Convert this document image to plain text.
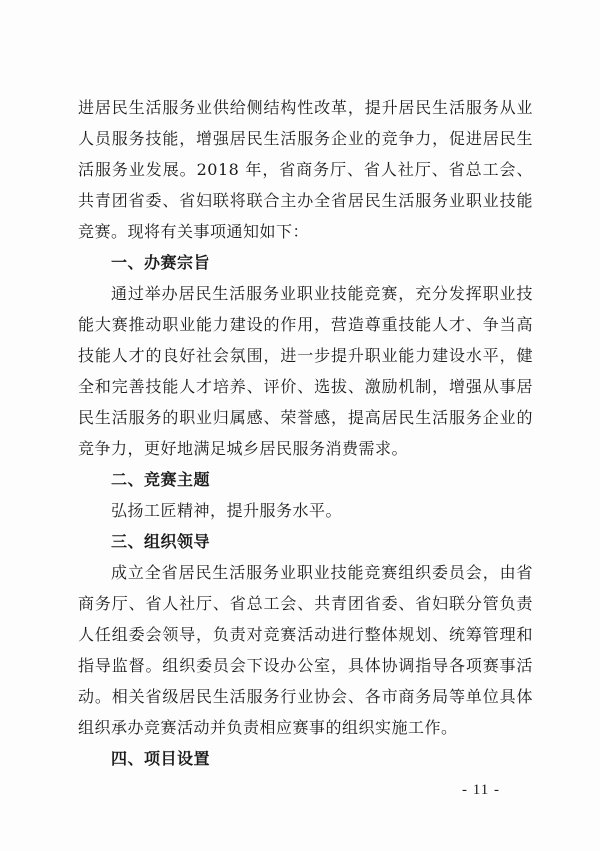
进居民生活服务业供给侧结构性改革，提升居民生活服务从业人员服务技能，增强居民生活服务企业的竞争力，促进居民生活服务业发展。2018 年，省商务厅、省人社厅、省总工会、共青团省委、省妇联将联合主办全省居民生活服务业职业技能竞赛。现将有关事项通知如下：

一、办赛宗旨

通过举办居民生活服务业职业技能竞赛，充分发挥职业技能大赛推动职业能力建设的作用，营造尊重技能人才、争当高技能人才的良好社会氛围，进一步提升职业能力建设水平，健全和完善技能人才培养、评价、选拔、激励机制，增强从事居民生活服务的职业归属感、荣誉感，提高居民生活服务企业的竞争力，更好地满足城乡居民服务消费需求。

二、竞赛主题

弘扬工匠精神，提升服务水平。

三、组织领导

成立全省居民生活服务业职业技能竞赛组织委员会，由省商务厅、省人社厅、省总工会、共青团省委、省妇联分管负责人任组委会领导，负责对竞赛活动进行整体规划、统筹管理和指导监督。组织委员会下设办公室，具体协调指导各项赛事活动。相关省级居民生活服务行业协会、各市商务局等单位具体组织承办竞赛活动并负责相应赛事的组织实施工作。

四、项目设置
- 11 -
